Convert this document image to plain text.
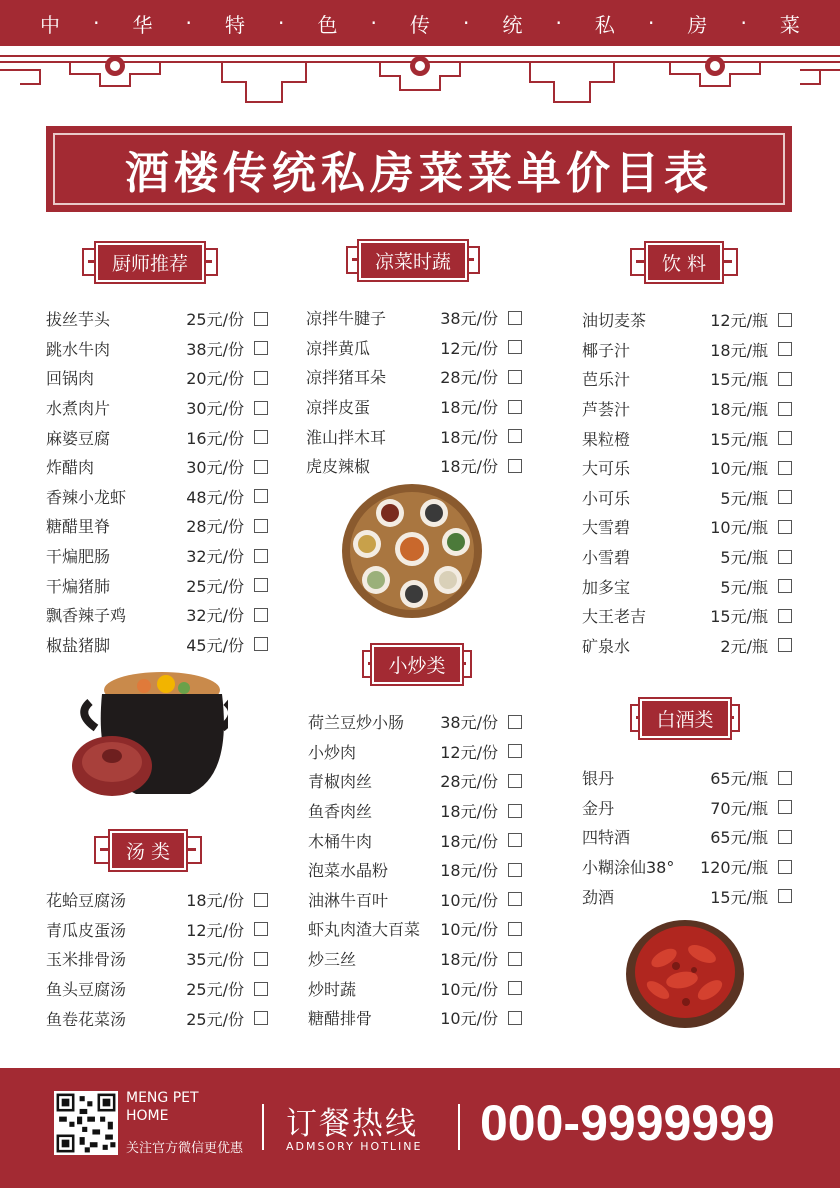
中 · 华 · 特 · 色 · 传 · 统 · 私 · 房 · 菜
酒楼传统私房菜菜单价目表
厨师推荐	凉菜时蔬	饮 料
小炒类
白酒类
汤 类
拔丝芋头	25元/份
跳水牛肉	38元/份
回锅肉	20元/份
水煮肉片	30元/份
麻婆豆腐	16元/份
炸醋肉	30元/份
香辣小龙虾	48元/份
糖醋里脊	28元/份
干煸肥肠	32元/份
干煸猪肺	25元/份
飘香辣子鸡	32元/份
椒盐猪脚	45元/份
花蛤豆腐汤	18元/份
青瓜皮蛋汤	12元/份
玉米排骨汤	35元/份
鱼头豆腐汤	25元/份
鱼卷花菜汤	25元/份
凉拌牛腱子	38元/份
凉拌黄瓜	12元/份
凉拌猪耳朵	28元/份
凉拌皮蛋	18元/份
淮山拌木耳	18元/份
虎皮辣椒	18元/份
荷兰豆炒小肠	38元/份
小炒肉	12元/份
青椒肉丝	28元/份
鱼香肉丝	18元/份
木桶牛肉	18元/份
泡菜水晶粉	18元/份
油淋牛百叶	10元/份
虾丸肉渣大百菜	10元/份
炒三丝	18元/份
炒时蔬	10元/份
糖醋排骨	10元/份
油切麦茶	12元/瓶
椰子汁	18元/瓶
芭乐汁	15元/瓶
芦荟汁	18元/瓶
果粒橙	15元/瓶
大可乐	10元/瓶
小可乐	5元/瓶
大雪碧	10元/瓶
小雪碧	5元/瓶
加多宝	5元/瓶
大王老吉	15元/瓶
矿泉水	2元/瓶
银丹	65元/瓶
金丹	70元/瓶
四特酒	65元/瓶
小糊涂仙38°	120元/瓶
劲酒	15元/瓶
MENG PET
HOME
关注官方微信更优惠
订餐热线
ADMSORY HOTLINE 000-9999999
